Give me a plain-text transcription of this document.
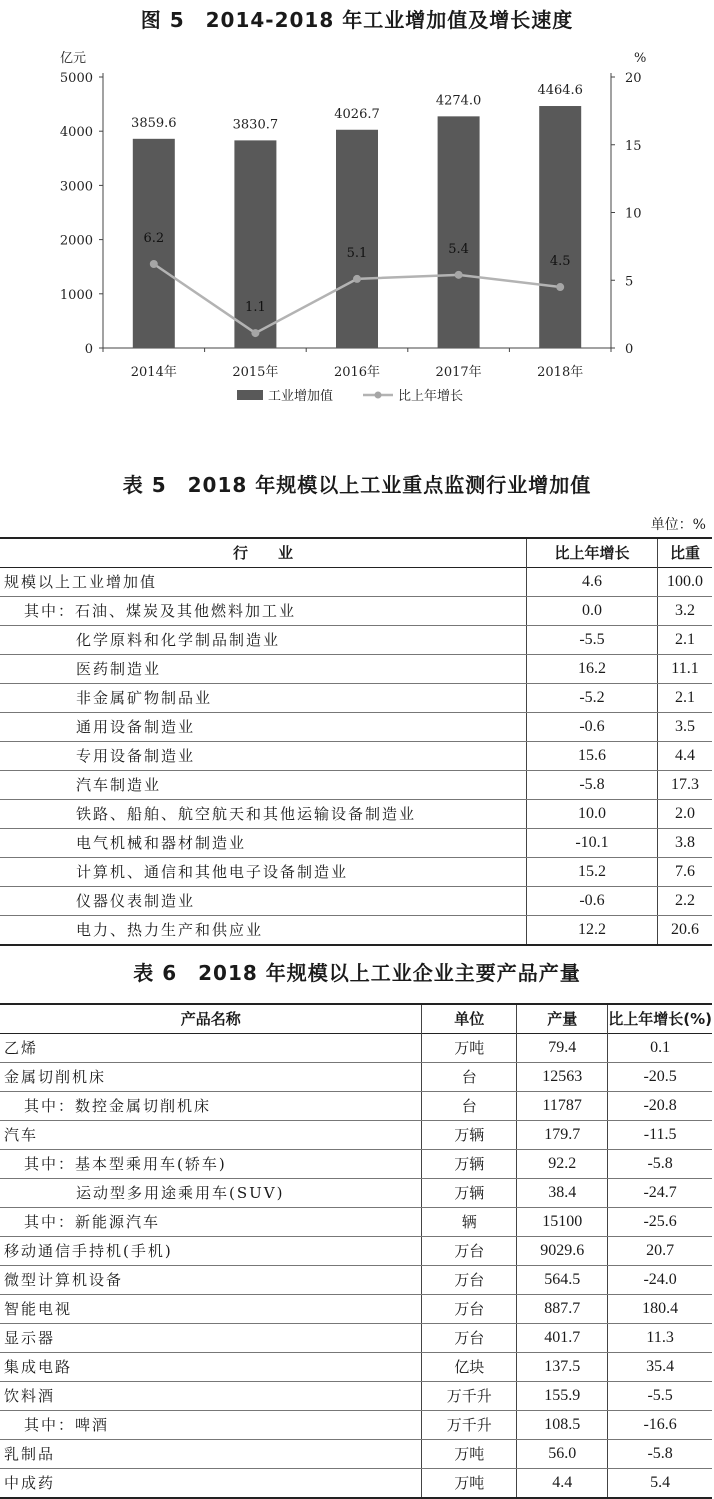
图 5　2014-2018 年工业增加值及增长速度
亿元	%
0
1000
2000
3000
4000
5000
0
5
10
15
20
2014年	2015年	2016年	2017年	2018年
3859.6	3830.7
4026.7
4274.0
4464.6
6.2
1.1
5.1	5.4
4.5
工业增加值	比上年增长
表 5　2018 年规模以上工业重点监测行业增加值
单位：%
行　　业	比上年增长	比重
规模以上工业增加值	4.6	100.0
其中：石油、煤炭及其他燃料加工业	0.0	3.2
化学原料和化学制品制造业	-5.5	2.1
医药制造业	16.2	11.1
非金属矿物制品业	-5.2	2.1
通用设备制造业	-0.6	3.5
专用设备制造业	15.6	4.4
汽车制造业	-5.8	17.3
铁路、船舶、航空航天和其他运输设备制造业	10.0	2.0
电气机械和器材制造业	-10.1	3.8
计算机、通信和其他电子设备制造业	15.2	7.6
仪器仪表制造业	-0.6	2.2
电力、热力生产和供应业	12.2	20.6
表 6　2018 年规模以上工业企业主要产品产量
产品名称	单位	产量	比上年增长(%)
乙烯	万吨	79.4	0.1
金属切削机床	台	12563	-20.5
其中：数控金属切削机床	台	11787	-20.8
汽车	万辆	179.7	-11.5
其中：基本型乘用车(轿车)	万辆	92.2	-5.8
运动型多用途乘用车(SUV)	万辆	38.4	-24.7
其中：新能源汽车	辆	15100	-25.6
移动通信手持机(手机)	万台	9029.6	20.7
微型计算机设备	万台	564.5	-24.0
智能电视	万台	887.7	180.4
显示器	万台	401.7	11.3
集成电路	亿块	137.5	35.4
饮料酒	万千升	155.9	-5.5
其中：啤酒	万千升	108.5	-16.6
乳制品	万吨	56.0	-5.8
中成药	万吨	4.4	5.4
